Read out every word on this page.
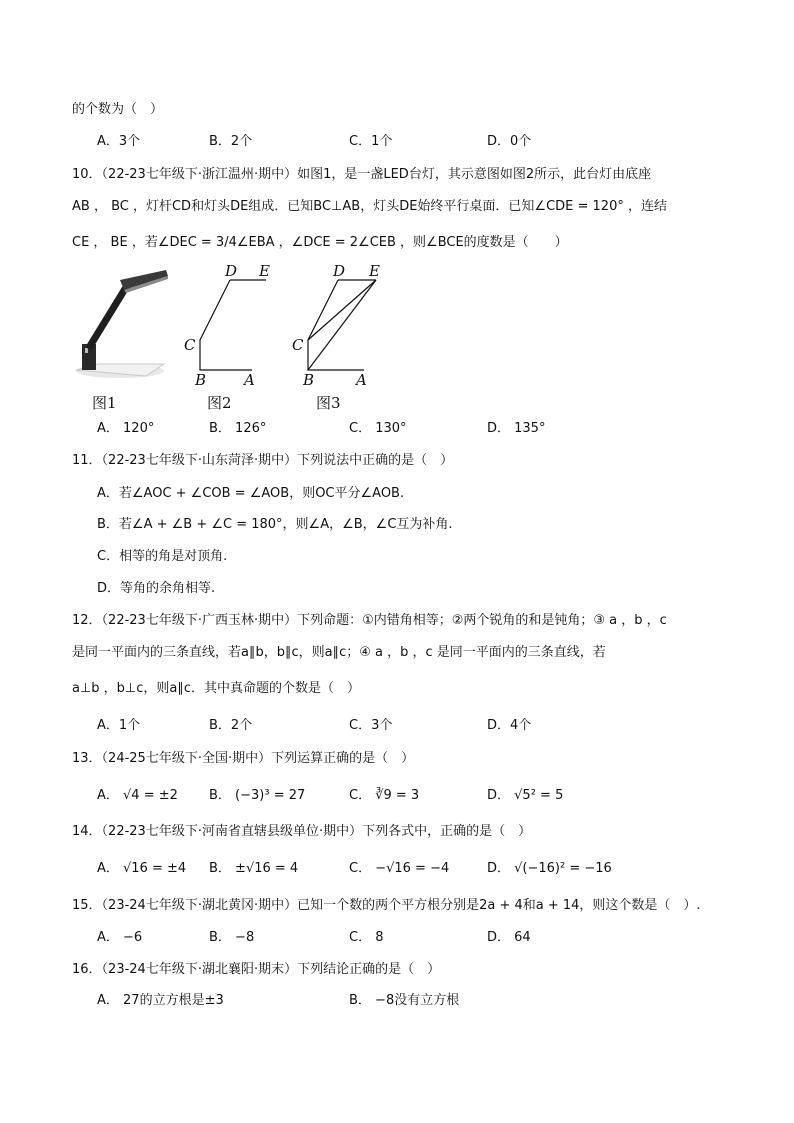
的个数为（　）
A．3个	B．2个	C．1个	D．0个
10．（22-23七年级下·浙江温州·期中）如图1，是一盏LED台灯，其示意图如图2所示，此台灯由底座
AB ， BC ，灯杆CD和灯头DE组成．已知BC⊥AB，灯头DE始终平行桌面．已知∠CDE = 120° ，连结
CE ， BE ，若∠DEC = 3/4∠EBA ，∠DCE = 2∠CEB ，则∠BCE的度数是（　　）
D E
C
B	A
D E
C
B	A
图1	图2	图3
A． 120°	B． 126°	C． 130°	D． 135°
11．（22-23七年级下·山东菏泽·期中）下列说法中正确的是（　）
A．若∠AOC + ∠COB = ∠AOB，则OC平分∠AOB.
B．若∠A + ∠B + ∠C = 180°，则∠A，∠B，∠C互为补角.
C．相等的角是对顶角.
D．等角的余角相等.
12．（22-23七年级下·广西玉林·期中）下列命题：①内错角相等；②两个锐角的和是钝角；③ a ，b ，c
是同一平面内的三条直线，若a∥b，b∥c，则a∥c；④ a ，b ，c 是同一平面内的三条直线，若
a⊥b ，b⊥c，则a∥c．其中真命题的个数是（　）
A．1个	B．2个	C．3个	D．4个
13．（24-25七年级下·全国·期中）下列运算正确的是（　）
A． √4 = ±2 B． (−3)³ = 27	C． ∛9 = 3	D． √5² = 5
14．（22-23七年级下·河南省直辖县级单位·期中）下列各式中，正确的是（　）
A． √16 = ±4 B． ±√16 = 4	C． −√16 = −4	D． √(−16)² = −16
15．（23-24七年级下·湖北黄冈·期中）已知一个数的两个平方根分别是2a + 4和a + 14，则这个数是（　）.
A． −6	B． −8	C． 8	D． 64
16．（23-24七年级下·湖北襄阳·期末）下列结论正确的是（　）
A． 27的立方根是±3	B． −8没有立方根
